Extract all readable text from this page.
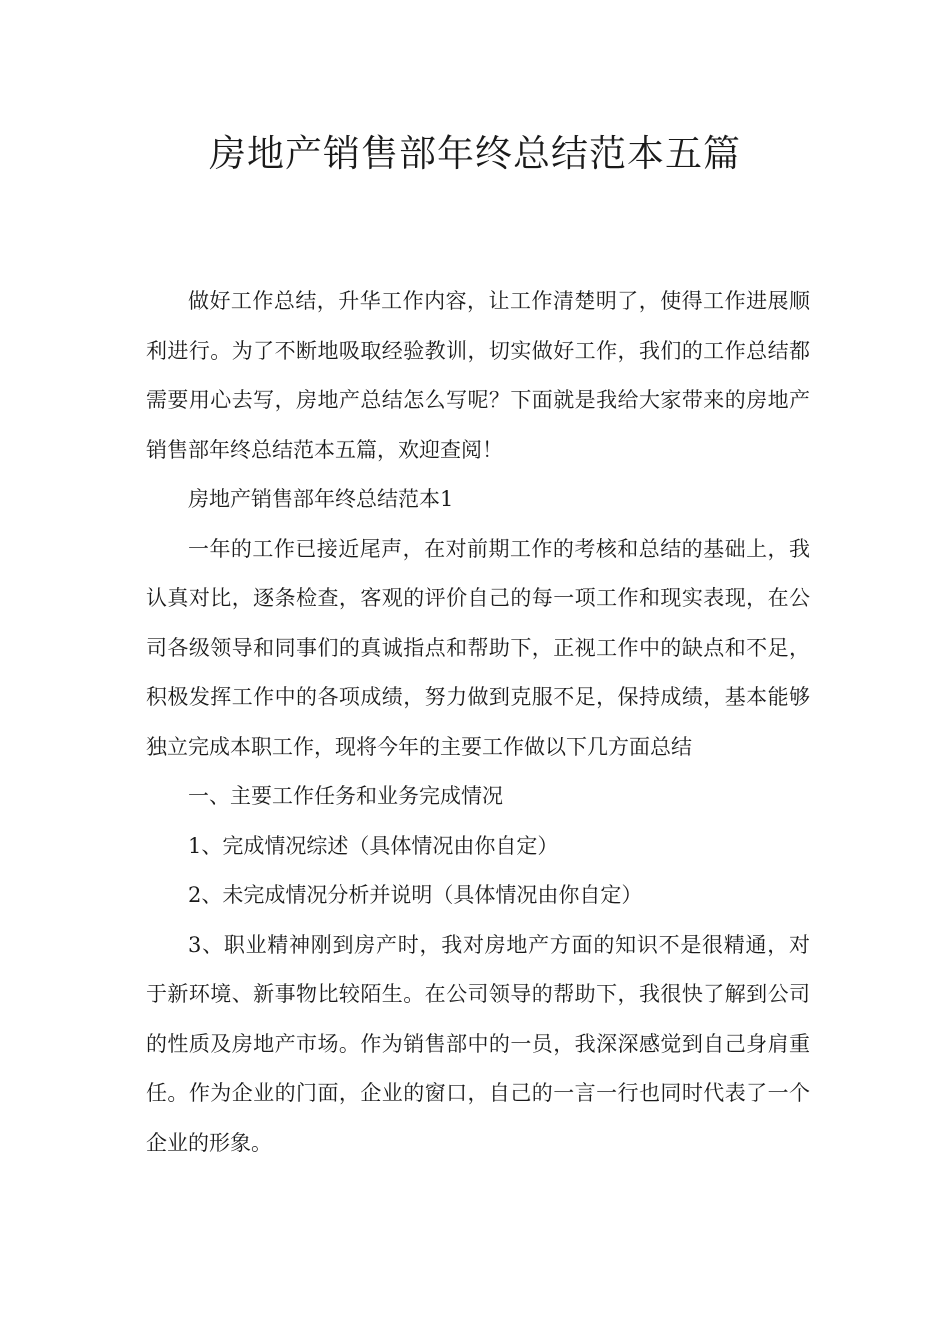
房地产销售部年终总结范本五篇

做好工作总结，升华工作内容，让工作清楚明了，使得工作进展顺利进行。为了不断地吸取经验教训，切实做好工作，我们的工作总结都需要用心去写，房地产总结怎么写呢？下面就是我给大家带来的房地产销售部年终总结范本五篇，欢迎查阅！

房地产销售部年终总结范本1

一年的工作已接近尾声，在对前期工作的考核和总结的基础上，我认真对比，逐条检查，客观的评价自己的每一项工作和现实表现，在公司各级领导和同事们的真诚指点和帮助下，正视工作中的缺点和不足，积极发挥工作中的各项成绩，努力做到克服不足，保持成绩，基本能够独立完成本职工作，现将今年的主要工作做以下几方面总结

一、主要工作任务和业务完成情况

1、完成情况综述（具体情况由你自定）

2、未完成情况分析并说明（具体情况由你自定）

3、职业精神刚到房产时，我对房地产方面的知识不是很精通，对于新环境、新事物比较陌生。在公司领导的帮助下，我很快了解到公司的性质及房地产市场。作为销售部中的一员，我深深感觉到自己身肩重任。作为企业的门面，企业的窗口，自己的一言一行也同时代表了一个企业的形象。
